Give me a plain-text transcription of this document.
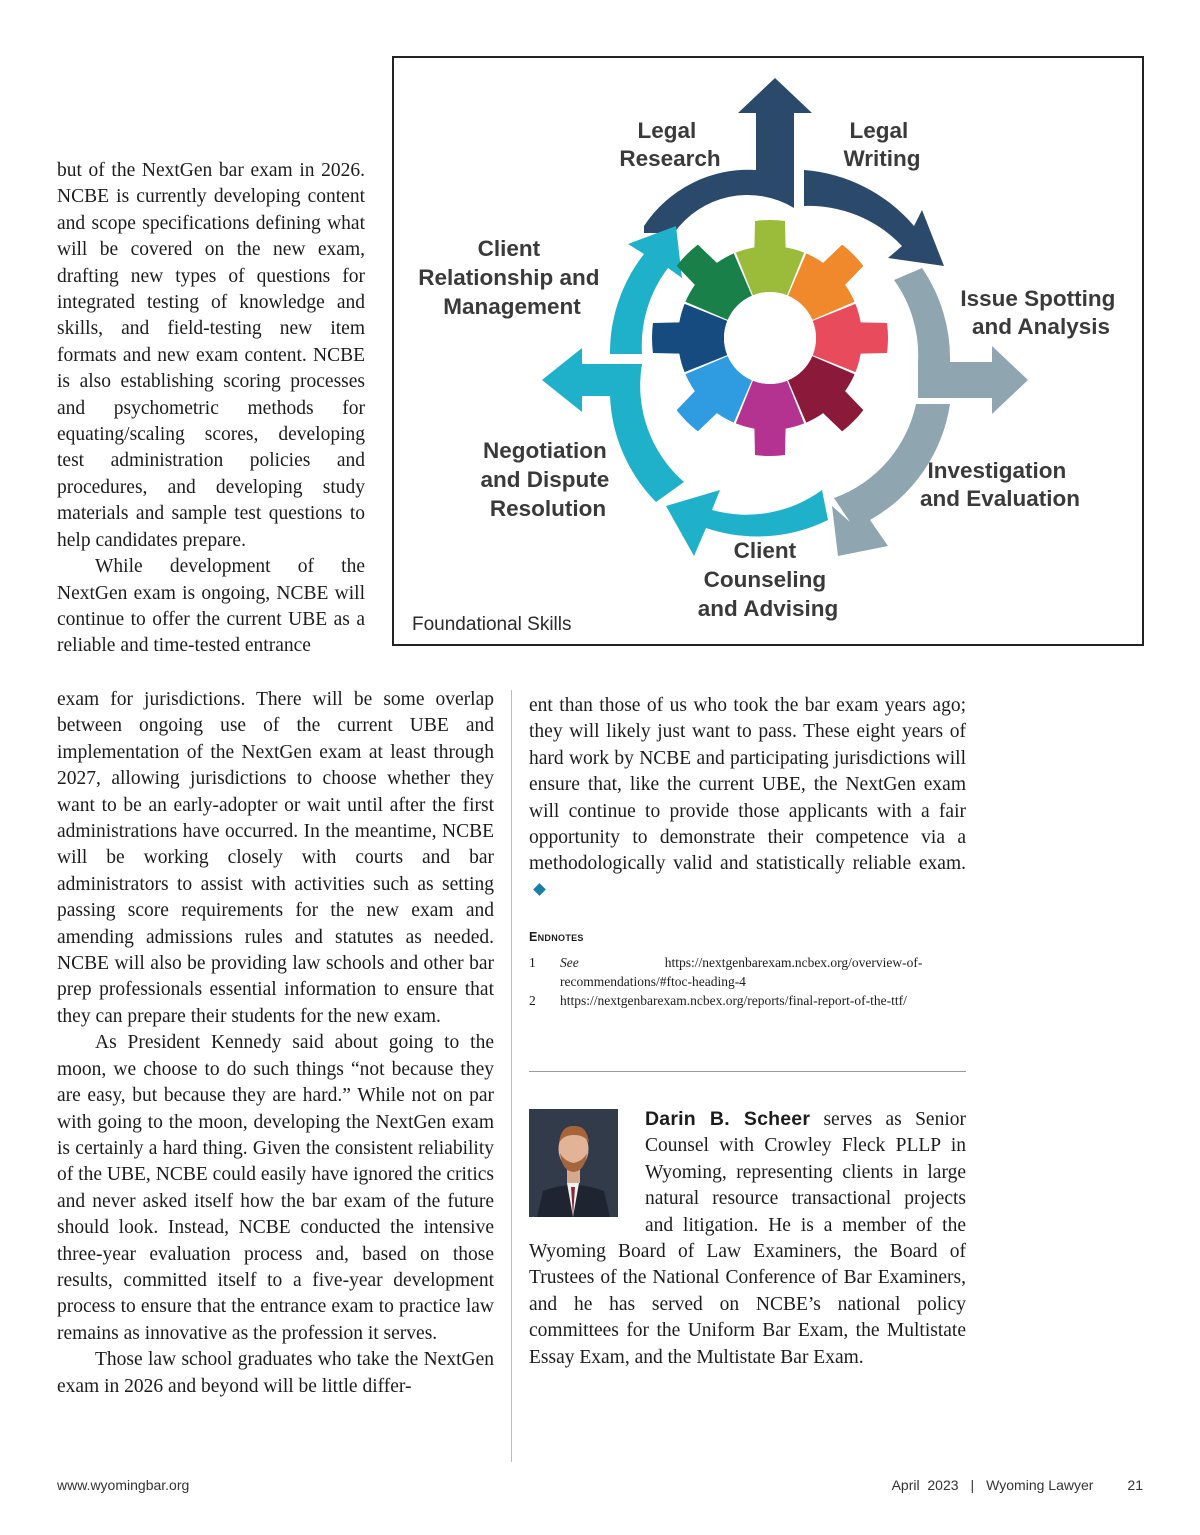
Legal Research
Legal Writing
Issue Spotting and Analysis
Investigation and Evaluation
Client Counseling and Advising
Negotiation and Dispute Resolution
Client Relationship and Management
Foundational Skills

but of the NextGen bar exam in 2026. NCBE is currently developing content and scope specifications defining what will be covered on the new exam, drafting new types of questions for integrated testing of knowledge and skills, and field-testing new item formats and new exam content. NCBE is also establishing scoring processes and psychometric methods for equating/scaling scores, developing test administration policies and procedures, and developing study materials and sample test questions to help candidates prepare.

While development of the NextGen exam is ongoing, NCBE will continue to offer the current UBE as a reliable and time-tested entrance

exam for jurisdictions. There will be some overlap between ongoing use of the current UBE and implementation of the NextGen exam at least through 2027, allowing jurisdictions to choose whether they want to be an early-adopter or wait until after the first administrations have occurred. In the meantime, NCBE will be working closely with courts and bar administrators to assist with activities such as setting passing score requirements for the new exam and amending admissions rules and statutes as needed. NCBE will also be providing law schools and other bar prep professionals essential information to ensure that they can prepare their students for the new exam.

As President Kennedy said about going to the moon, we choose to do such things “not because they are easy, but because they are hard.” While not on par with going to the moon, developing the NextGen exam is certainly a hard thing. Given the consistent reliability of the UBE, NCBE could easily have ignored the critics and never asked itself how the bar exam of the future should look. Instead, NCBE conducted the intensive three-year evaluation process and, based on those results, committed itself to a five-year development process to ensure that the entrance exam to practice law remains as innovative as the profession it serves.

Those law school graduates who take the NextGen exam in 2026 and beyond will be little differ-

ent than those of us who took the bar exam years ago; they will likely just want to pass. These eight years of hard work by NCBE and participating jurisdictions will ensure that, like the current UBE, the NextGen exam will continue to provide those applicants with a fair opportunity to demonstrate their competence via a methodologically valid and statistically reliable exam.

Endnotes
1	See	https://nextgenbarexam.ncbex.org/overview-of-recommendations/#ftoc-heading-4
2	https://nextgenbarexam.ncbex.org/reports/final-report-of-the-ttf/

Darin B. Scheer serves as Senior Counsel with Crowley Fleck PLLP in Wyoming, representing clients in large natural resource transactional projects and litigation. He is a member of the Wyoming Board of Law Examiners, the Board of Trustees of the National Conference of Bar Examiners, and he has served on NCBE’s national policy committees for the Uniform Bar Exam, the Multistate Essay Exam, and the Multistate Bar Exam.

www.wyomingbar.org	April  2023 | Wyoming Lawyer 21
